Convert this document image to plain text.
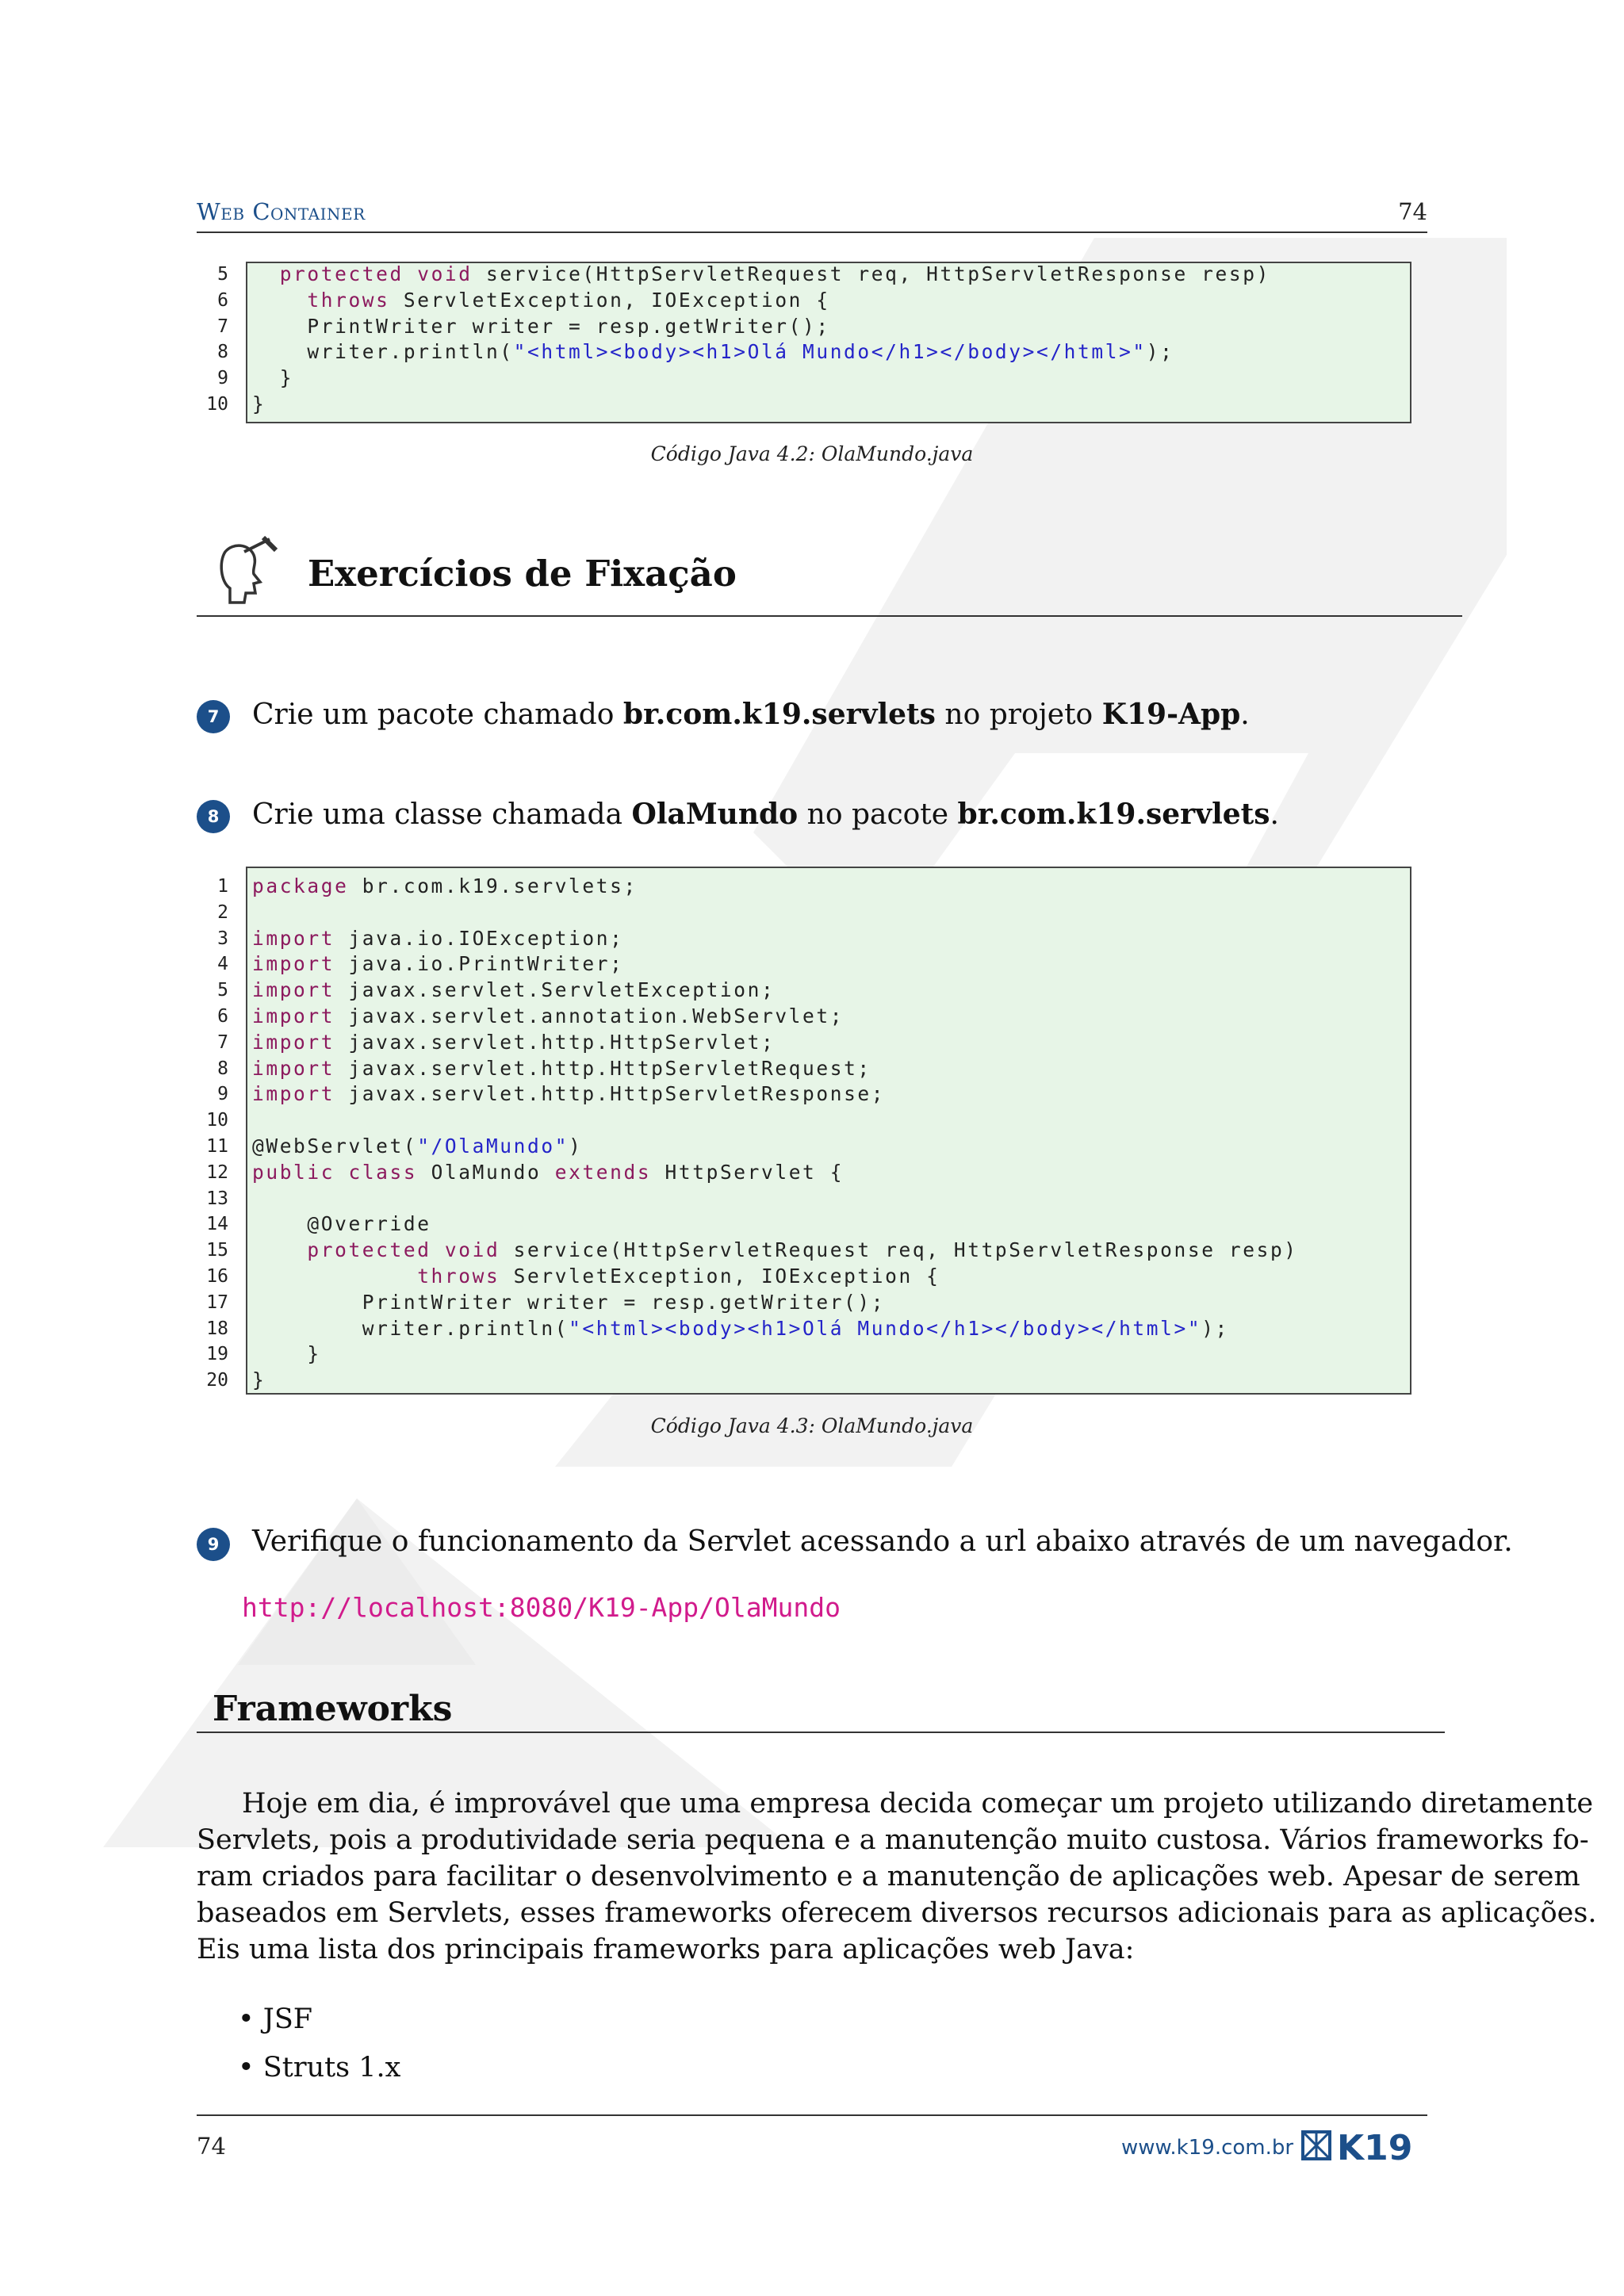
Web Container	74
5	protected void service(HttpServletRequest req, HttpServletResponse resp)
6	throws ServletException, IOException {
7 PrintWriter writer = resp.getWriter();
8 writer.println("<html><body><h1>Olá Mundo</h1></body></html>");
9 }
10 }
Código Java 4.2: OlaMundo.java
Exercícios de Fixação
7	Crie um pacote chamado br.com.k19.servlets no projeto K19-App.
8	Crie uma classe chamada OlaMundo no pacote br.com.k19.servlets.
1 package br.com.k19.servlets;
2
3 import java.io.IOException;
4 import java.io.PrintWriter;
5 import javax.servlet.ServletException;
6 import javax.servlet.annotation.WebServlet;
7 import javax.servlet.http.HttpServlet;
8 import javax.servlet.http.HttpServletRequest;
9 import javax.servlet.http.HttpServletResponse;
10
11 @WebServlet("/OlaMundo")
12 public class OlaMundo extends HttpServlet {
13
14 @Override
15	protected void service(HttpServletRequest req, HttpServletResponse resp)
16	throws ServletException, IOException {
17 PrintWriter writer = resp.getWriter();
18 writer.println("<html><body><h1>Olá Mundo</h1></body></html>");
19 }
20 }
Código Java 4.3: OlaMundo.java
9	Verifique o funcionamento da Servlet acessando a url abaixo através de um navegador.
http://localhost:8080/K19-App/OlaMundo
Frameworks
Hoje em dia, é improvável que uma empresa decida começar um projeto utilizando diretamente
Servlets, pois a produtividade seria pequena e a manutenção muito custosa. Vários frameworks fo-
ram criados para facilitar o desenvolvimento e a manutenção de aplicações web. Apesar de serem
baseados em Servlets, esses frameworks oferecem diversos recursos adicionais para as aplicações.
Eis uma lista dos principais frameworks para aplicações web Java:
• JSF
• Struts 1.x
74	www.k19.com.br K19
